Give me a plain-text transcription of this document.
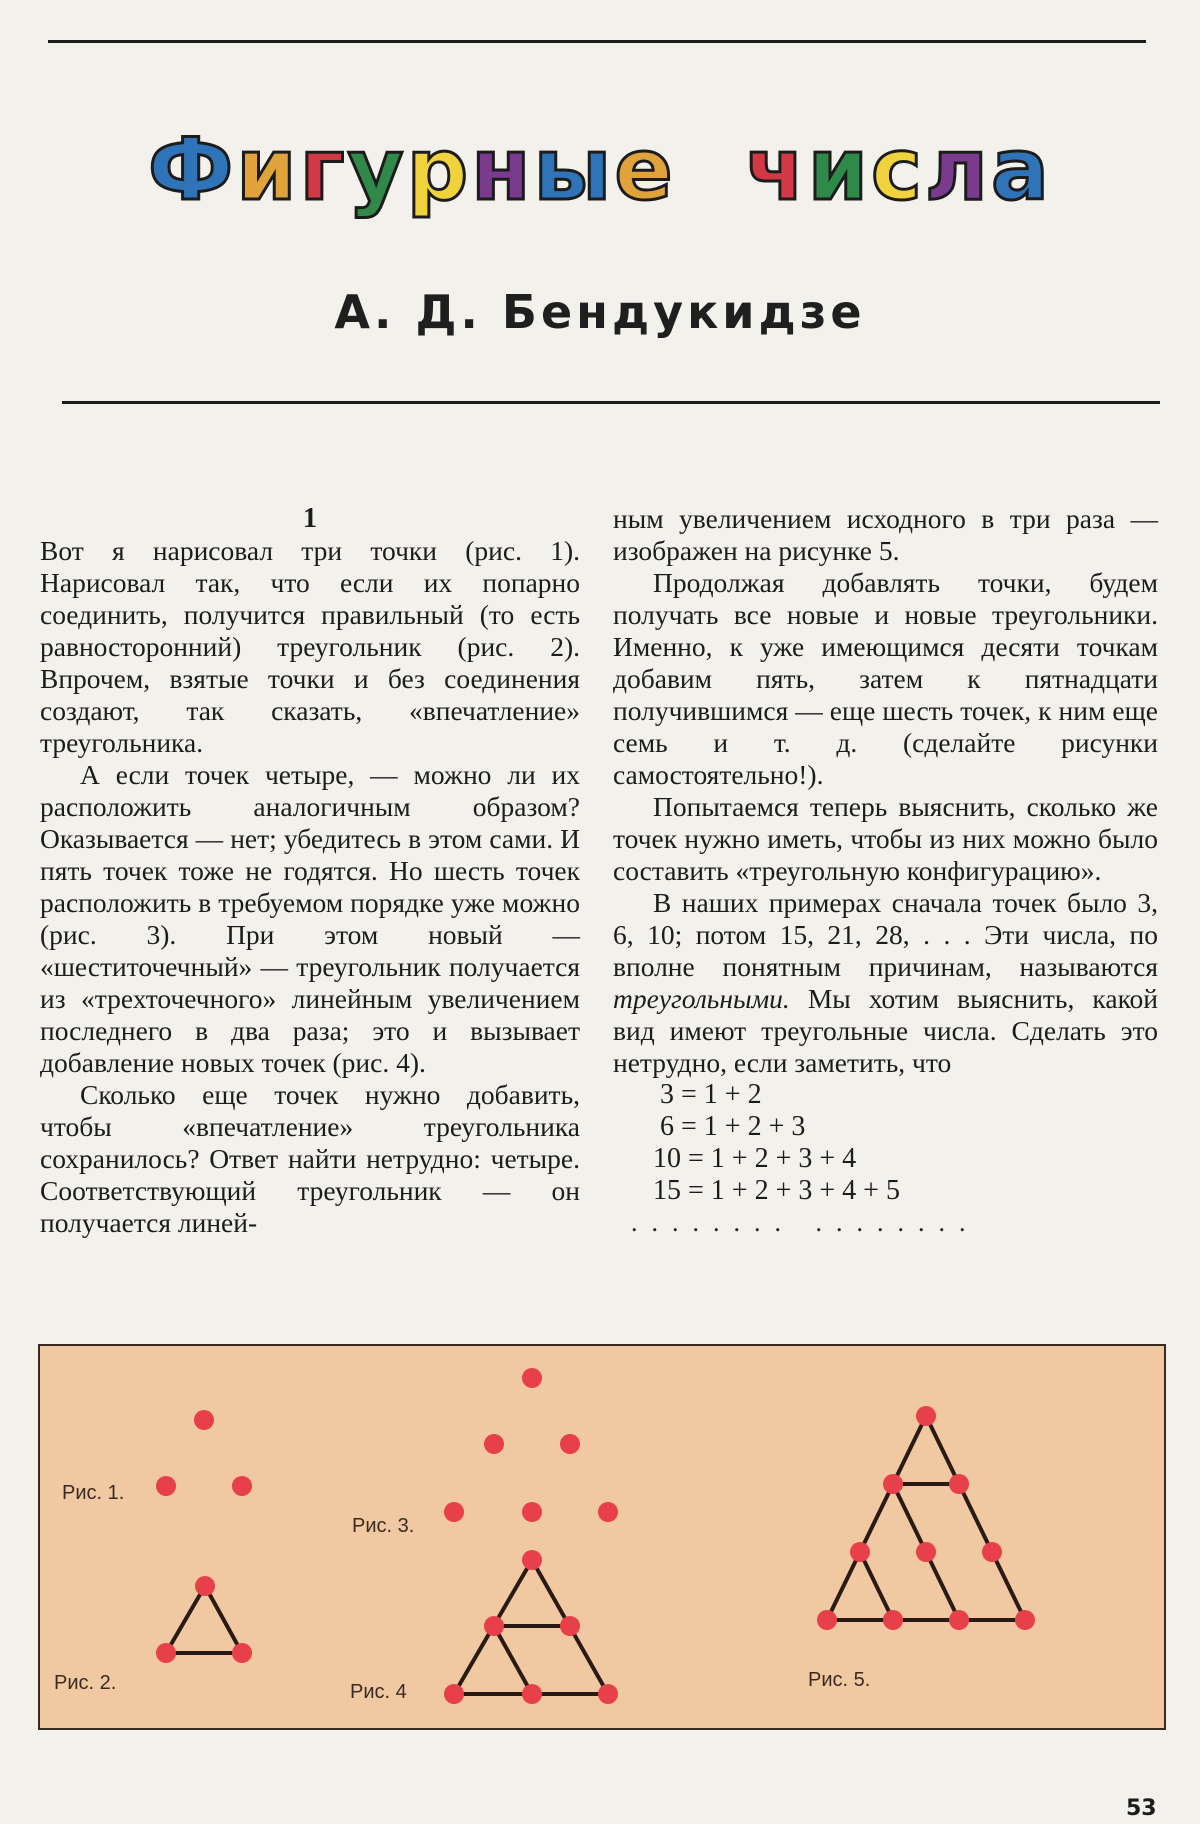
Фигурные числа
А. Д. Бендукидзе
1

Вот я нарисовал три точки (рис. 1). Нарисовал так, что если их попарно соединить, получится правильный (то есть равносторонний) треугольник (рис. 2). Впрочем, взятые точки и без соединения создают, так сказать, «впечатление» треугольника.

А если точек четыре, — можно ли их расположить аналогичным образом? Оказывается — нет; убедитесь в этом сами. И пять точек тоже не годятся. Но шесть точек расположить в требуемом порядке уже можно (рис. 3). При этом новый — «шеститочечный» — треугольник получается из «трехточечного» линейным увеличением последнего в два раза; это и вызывает добавление новых точек (рис. 4).

Сколько еще точек нужно добавить, чтобы «впечатление» треугольника сохранилось? Ответ найти нетрудно: четыре. Соответствующий треугольник — он получается линей-

ным увеличением исходного в три раза — изображен на рисунке 5.

Продолжая добавлять точки, будем получать все новые и новые треугольники. Именно, к уже имеющимся десяти точкам добавим пять, затем к пятнадцати получившимся — еще шесть точек, к ним еще семь и т. д. (сделайте рисунки самостоятельно!).

Попытаемся теперь выяснить, сколько же точек нужно иметь, чтобы из них можно было составить «треугольную конфигурацию».

В наших примерах сначала точек было 3, 6, 10; потом 15, 21, 28, . . . Эти числа, по вполне понятным причинам, называются треугольными. Мы хотим выяснить, какой вид имеют треугольные числа. Сделать это нетрудно, если заметить, что

3 = 1 + 2
6 = 1 + 2 + 3
10 = 1 + 2 + 3 + 4
15 = 1 + 2 + 3 + 4 + 5
........ ........
Рис. 1.
Рис. 2.
Рис. 3.
Рис. 4
Рис. 5.
53
